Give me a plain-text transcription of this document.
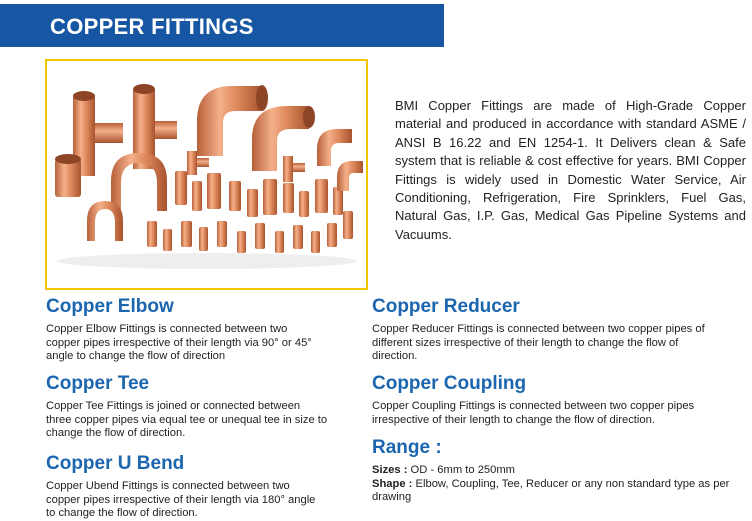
COPPER FITTINGS
BMI Copper Fittings are made of High-Grade Copper material and produced in accordance with standard ASME / ANSI B 16.22 and EN 1254-1. It Delivers clean & Safe system that is reliable & cost effective for years. BMI Copper Fittings is widely used in Domestic Water Service, Air Conditioning, Refrigeration, Fire Sprinklers, Fuel Gas, Natural Gas, I.P. Gas, Medical Gas Pipeline Systems and Vacuums.
Copper Elbow

Copper Elbow Fittings is connected between two copper pipes irrespective of their length via 90° or 45° angle to change the flow of direction

Copper Tee

Copper Tee Fittings is joined or connected between three copper pipes via equal tee or unequal tee in size to change the flow of direction.

Copper U Bend

Copper Ubend Fittings is connected between two copper pipes irrespective of their length via 180° angle to change the flow of direction.

Copper Reducer

Copper Reducer Fittings is connected between two copper pipes of different sizes irrespective of their length to change the flow of direction.

Copper Coupling

Copper Coupling Fittings is connected between two copper pipes irrespective of their length to change the flow of direction.

Range :

Sizes : OD - 6mm to 250mm

Shape : Elbow, Coupling, Tee, Reducer or any non standard type as per drawing
